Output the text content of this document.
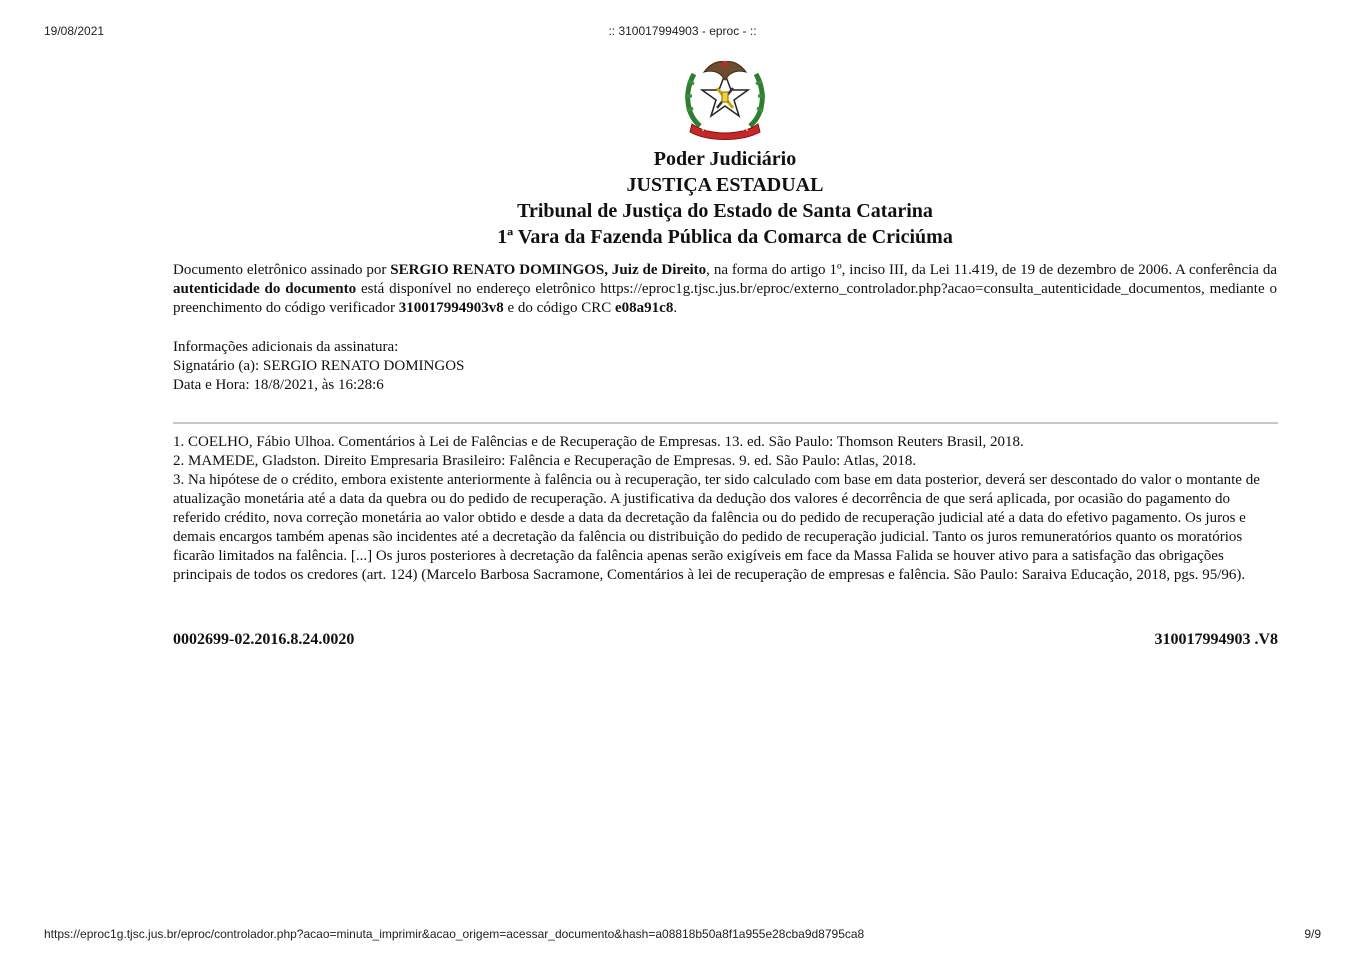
19/08/2021	:: 310017994903 - eproc - ::
Poder Judiciário
JUSTIÇA ESTADUAL
Tribunal de Justiça do Estado de Santa Catarina
1ª Vara da Fazenda Pública da Comarca de Criciúma
Documento eletrônico assinado por SERGIO RENATO DOMINGOS, Juiz de Direito, na forma do artigo 1º, inciso III, da Lei 11.419, de 19 de dezembro de 2006. A conferência da autenticidade do documento está disponível no endereço eletrônico https://eproc1g.tjsc.jus.br/eproc/externo_controlador.php?acao=consulta_autenticidade_documentos, mediante o preenchimento do código verificador 310017994903v8 e do código CRC e08a91c8.
Informações adicionais da assinatura:
Signatário (a): SERGIO RENATO DOMINGOS
Data e Hora: 18/8/2021, às 16:28:6

1. COELHO, Fábio Ulhoa. Comentários à Lei de Falências e de Recuperação de Empresas. 13. ed. São Paulo: Thomson Reuters Brasil, 2018.

2. MAMEDE, Gladston. Direito Empresaria Brasileiro: Falência e Recuperação de Empresas. 9. ed. São Paulo: Atlas, 2018.

3. Na hipótese de o crédito, embora existente anteriormente à falência ou à recuperação, ter sido calculado com base em data posterior, deverá ser descontado do valor o montante de atualização monetária até a data da quebra ou do pedido de recuperação. A justificativa da dedução dos valores é decorrência de que será aplicada, por ocasião do pagamento do referido crédito, nova correção monetária ao valor obtido e desde a data da decretação da falência ou do pedido de recuperação judicial até a data do efetivo pagamento. Os juros e demais encargos também apenas são incidentes até a decretação da falência ou distribuição do pedido de recuperação judicial. Tanto os juros remuneratórios quanto os moratórios ficarão limitados na falência. [...] Os juros posteriores à decretação da falência apenas serão exigíveis em face da Massa Falida se houver ativo para a satisfação das obrigações principais de todos os credores (art. 124) (Marcelo Barbosa Sacramone, Comentários à lei de recuperação de empresas e falência. São Paulo: Saraiva Educação, 2018, pgs. 95/96).

0002699-02.2016.8.24.0020	310017994903 .V8
https://eproc1g.tjsc.jus.br/eproc/controlador.php?acao=minuta_imprimir&acao_origem=acessar_documento&hash=a08818b50a8f1a955e28cba9d8795ca8	9/9
